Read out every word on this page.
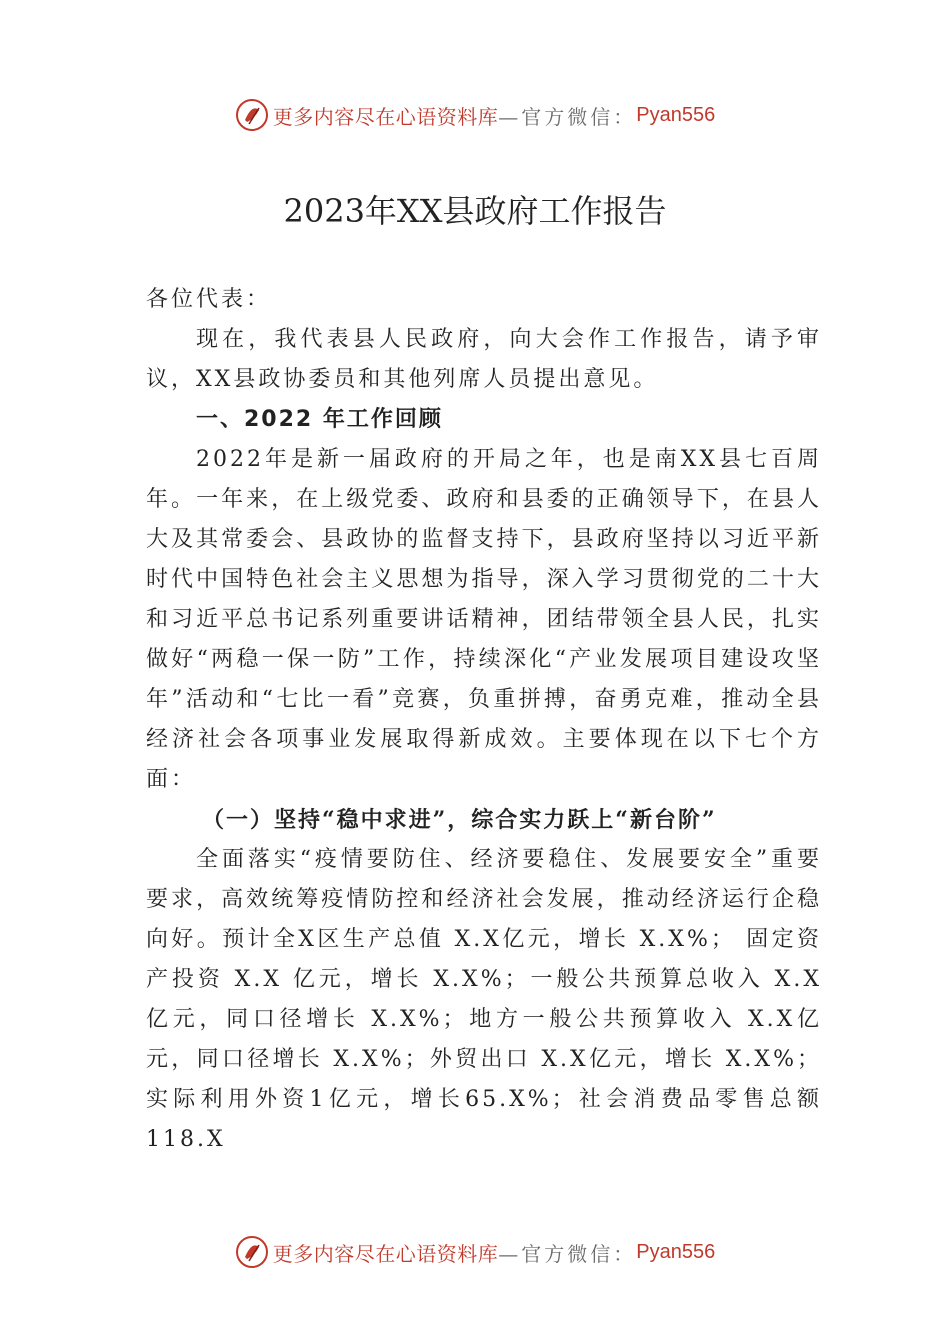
更多内容尽在心语资料库 —官方微信： Pyan556
2023年XX县政府工作报告

各位代表：

现在，我代表县人民政府，向大会作工作报告，请予审议，XX县政协委员和其他列席人员提出意见。

一、2022 年工作回顾

2022年是新一届政府的开局之年，也是南XX县七百周年。一年来，在上级党委、政府和县委的正确领导下，在县人大及其常委会、县政协的监督支持下，县政府坚持以习近平新时代中国特色社会主义思想为指导，深入学习贯彻党的二十大和习近平总书记系列重要讲话精神，团结带领全县人民，扎实做好“两稳一保一防”工作，持续深化“产业发展项目建设攻坚年”活动和“七比一看”竞赛，负重拼搏，奋勇克难，推动全县经济社会各项事业发展取得新成效。主要体现在以下七个方面：

（一）坚持“稳中求进”，综合实力跃上“新台阶”

全面落实“疫情要防住、经济要稳住、发展要安全”重要要求，高效统筹疫情防控和经济社会发展，推动经济运行企稳向好。预计全X区生产总值 X.X亿元，增长 X.X%； 固定资产投资 X.X 亿元，增长 X.X%；一般公共预算总收入 X.X亿元，同口径增长 X.X%；地方一般公共预算收入 X.X亿元，同口径增长 X.X%；外贸出口 X.X亿元，增长 X.X%； 实际利用外资1亿元，增长65.X%；社会消费品零售总额118.X

更多内容尽在心语资料库 —官方微信： Pyan556
